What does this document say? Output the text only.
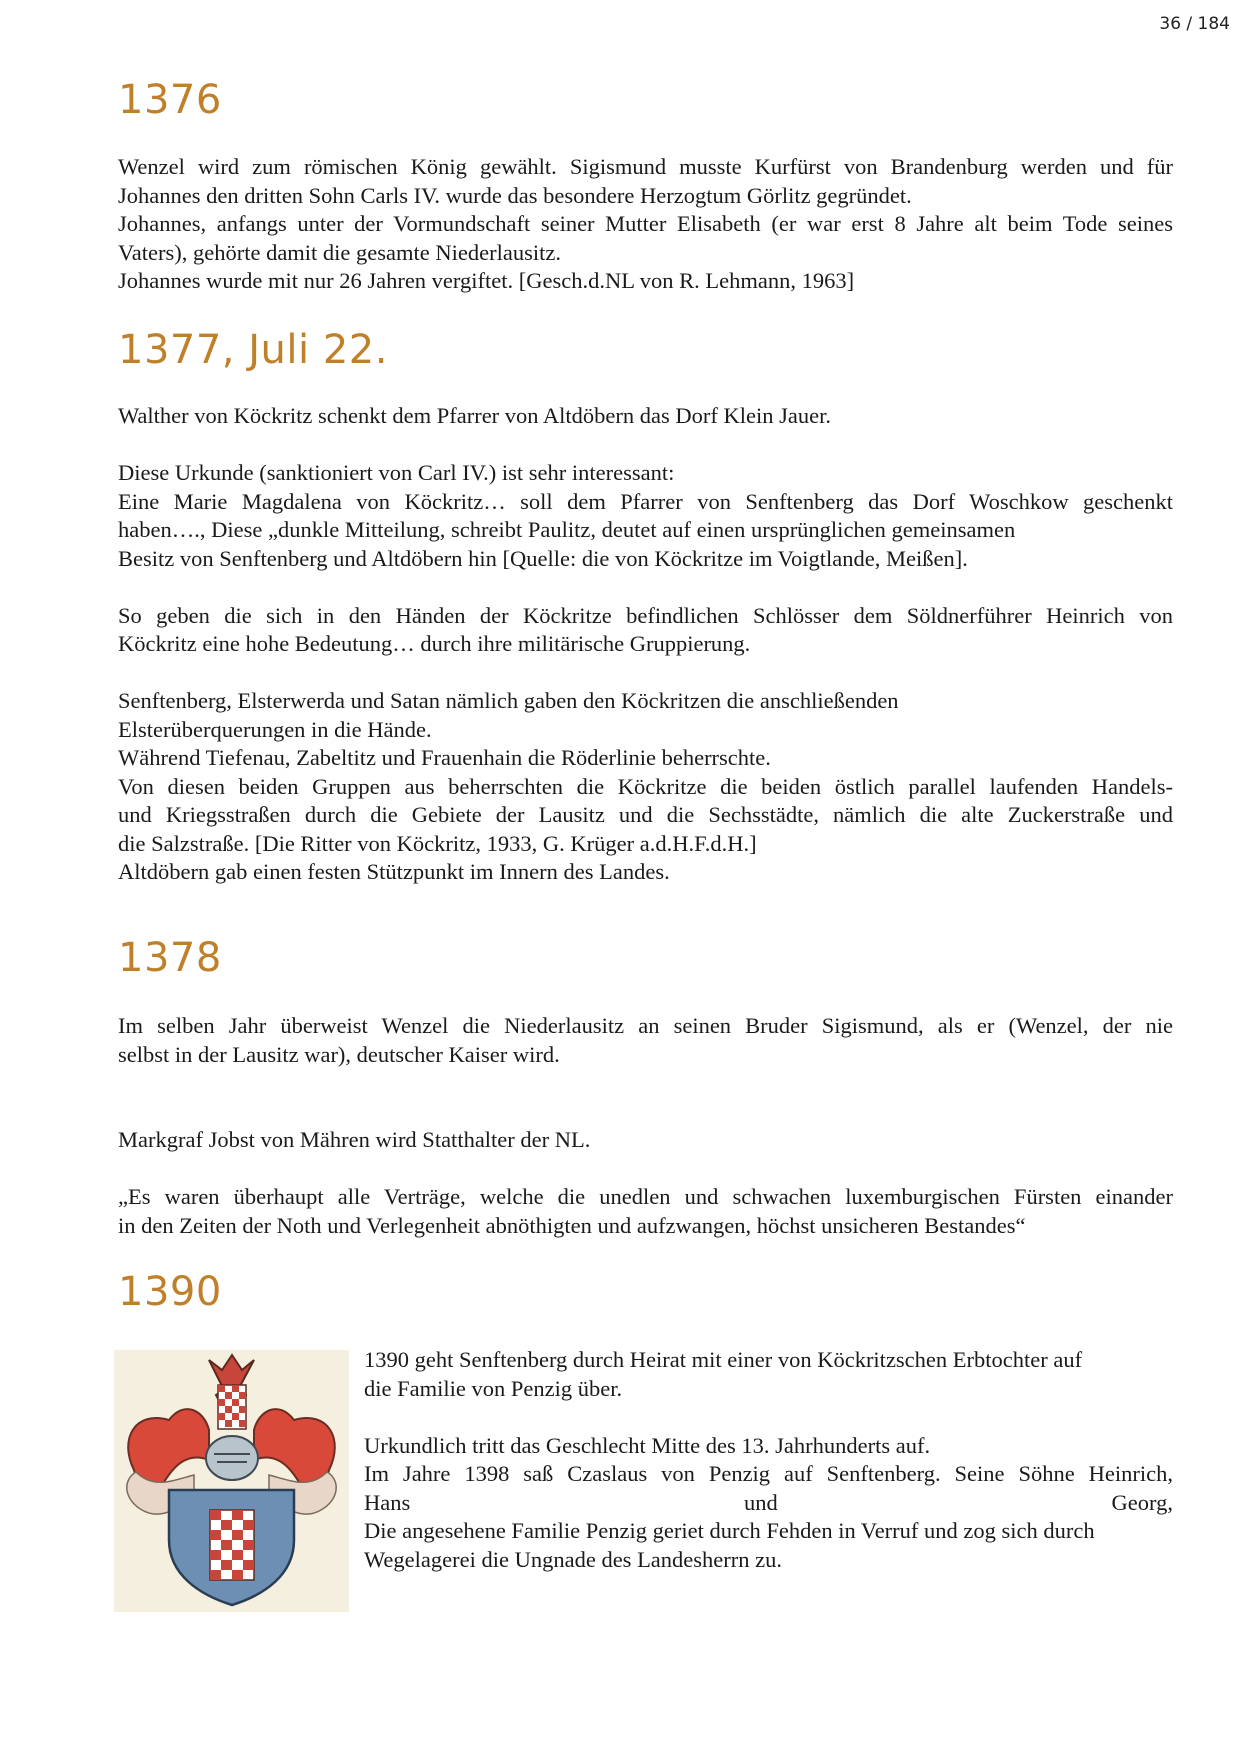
36 / 184
1376

Wenzel wird zum römischen König gewählt. Sigismund musste Kurfürst von Brandenburg werden und für

Johannes den dritten Sohn Carls IV. wurde das besondere Herzogtum Görlitz gegründet.

Johannes, anfangs unter der Vormundschaft seiner Mutter Elisabeth (er war erst 8 Jahre alt beim Tode seines

Vaters), gehörte damit die gesamte Niederlausitz.

Johannes wurde mit nur 26 Jahren vergiftet. [Gesch.d.NL von R. Lehmann, 1963]

1377, Juli 22.

Walther von Köckritz schenkt dem Pfarrer von Altdöbern das Dorf Klein Jauer.

Diese Urkunde (sanktioniert von Carl IV.) ist sehr interessant:

Eine Marie Magdalena von Köckritz… soll dem Pfarrer von Senftenberg das Dorf Woschkow geschenkt

haben…., Diese „dunkle Mitteilung, schreibt Paulitz, deutet auf einen ursprünglichen gemeinsamen

Besitz von Senftenberg und Altdöbern hin [Quelle: die von Köckritze im Voigtlande, Meißen].

So geben die sich in den Händen der Köckritze befindlichen Schlösser dem Söldnerführer Heinrich von

Köckritz eine hohe Bedeutung… durch ihre militärische Gruppierung.

Senftenberg, Elsterwerda und Satan nämlich gaben den Köckritzen die anschließenden

Elsterüberquerungen in die Hände.

Während Tiefenau, Zabeltitz und Frauenhain die Röderlinie beherrschte.

Von diesen beiden Gruppen aus beherrschten die Köckritze die beiden östlich parallel laufenden Handels-

und Kriegsstraßen durch die Gebiete der Lausitz und die Sechsstädte, nämlich die alte Zuckerstraße und

die Salzstraße. [Die Ritter von Köckritz, 1933, G. Krüger a.d.H.F.d.H.]

Altdöbern gab einen festen Stützpunkt im Innern des Landes.

1378

Im selben Jahr überweist Wenzel die Niederlausitz an seinen Bruder Sigismund, als er (Wenzel, der nie

selbst in der Lausitz war), deutscher Kaiser wird.

Markgraf Jobst von Mähren wird Statthalter der NL.

„Es waren überhaupt alle Verträge, welche die unedlen und schwachen luxemburgischen Fürsten einander

in den Zeiten der Noth und Verlegenheit abnöthigten und aufzwangen, höchst unsicheren Bestandes“

1390

1390 geht Senftenberg durch Heirat mit einer von Köckritzschen Erbtochter auf

die Familie von Penzig über.

Urkundlich tritt das Geschlecht Mitte des 13. Jahrhunderts auf.

Im Jahre 1398 saß Czaslaus von Penzig auf Senftenberg. Seine Söhne Heinrich,

Hans und Georg,

Die angesehene Familie Penzig geriet durch Fehden in Verruf und zog sich durch

Wegelagerei die Ungnade des Landesherrn zu.
